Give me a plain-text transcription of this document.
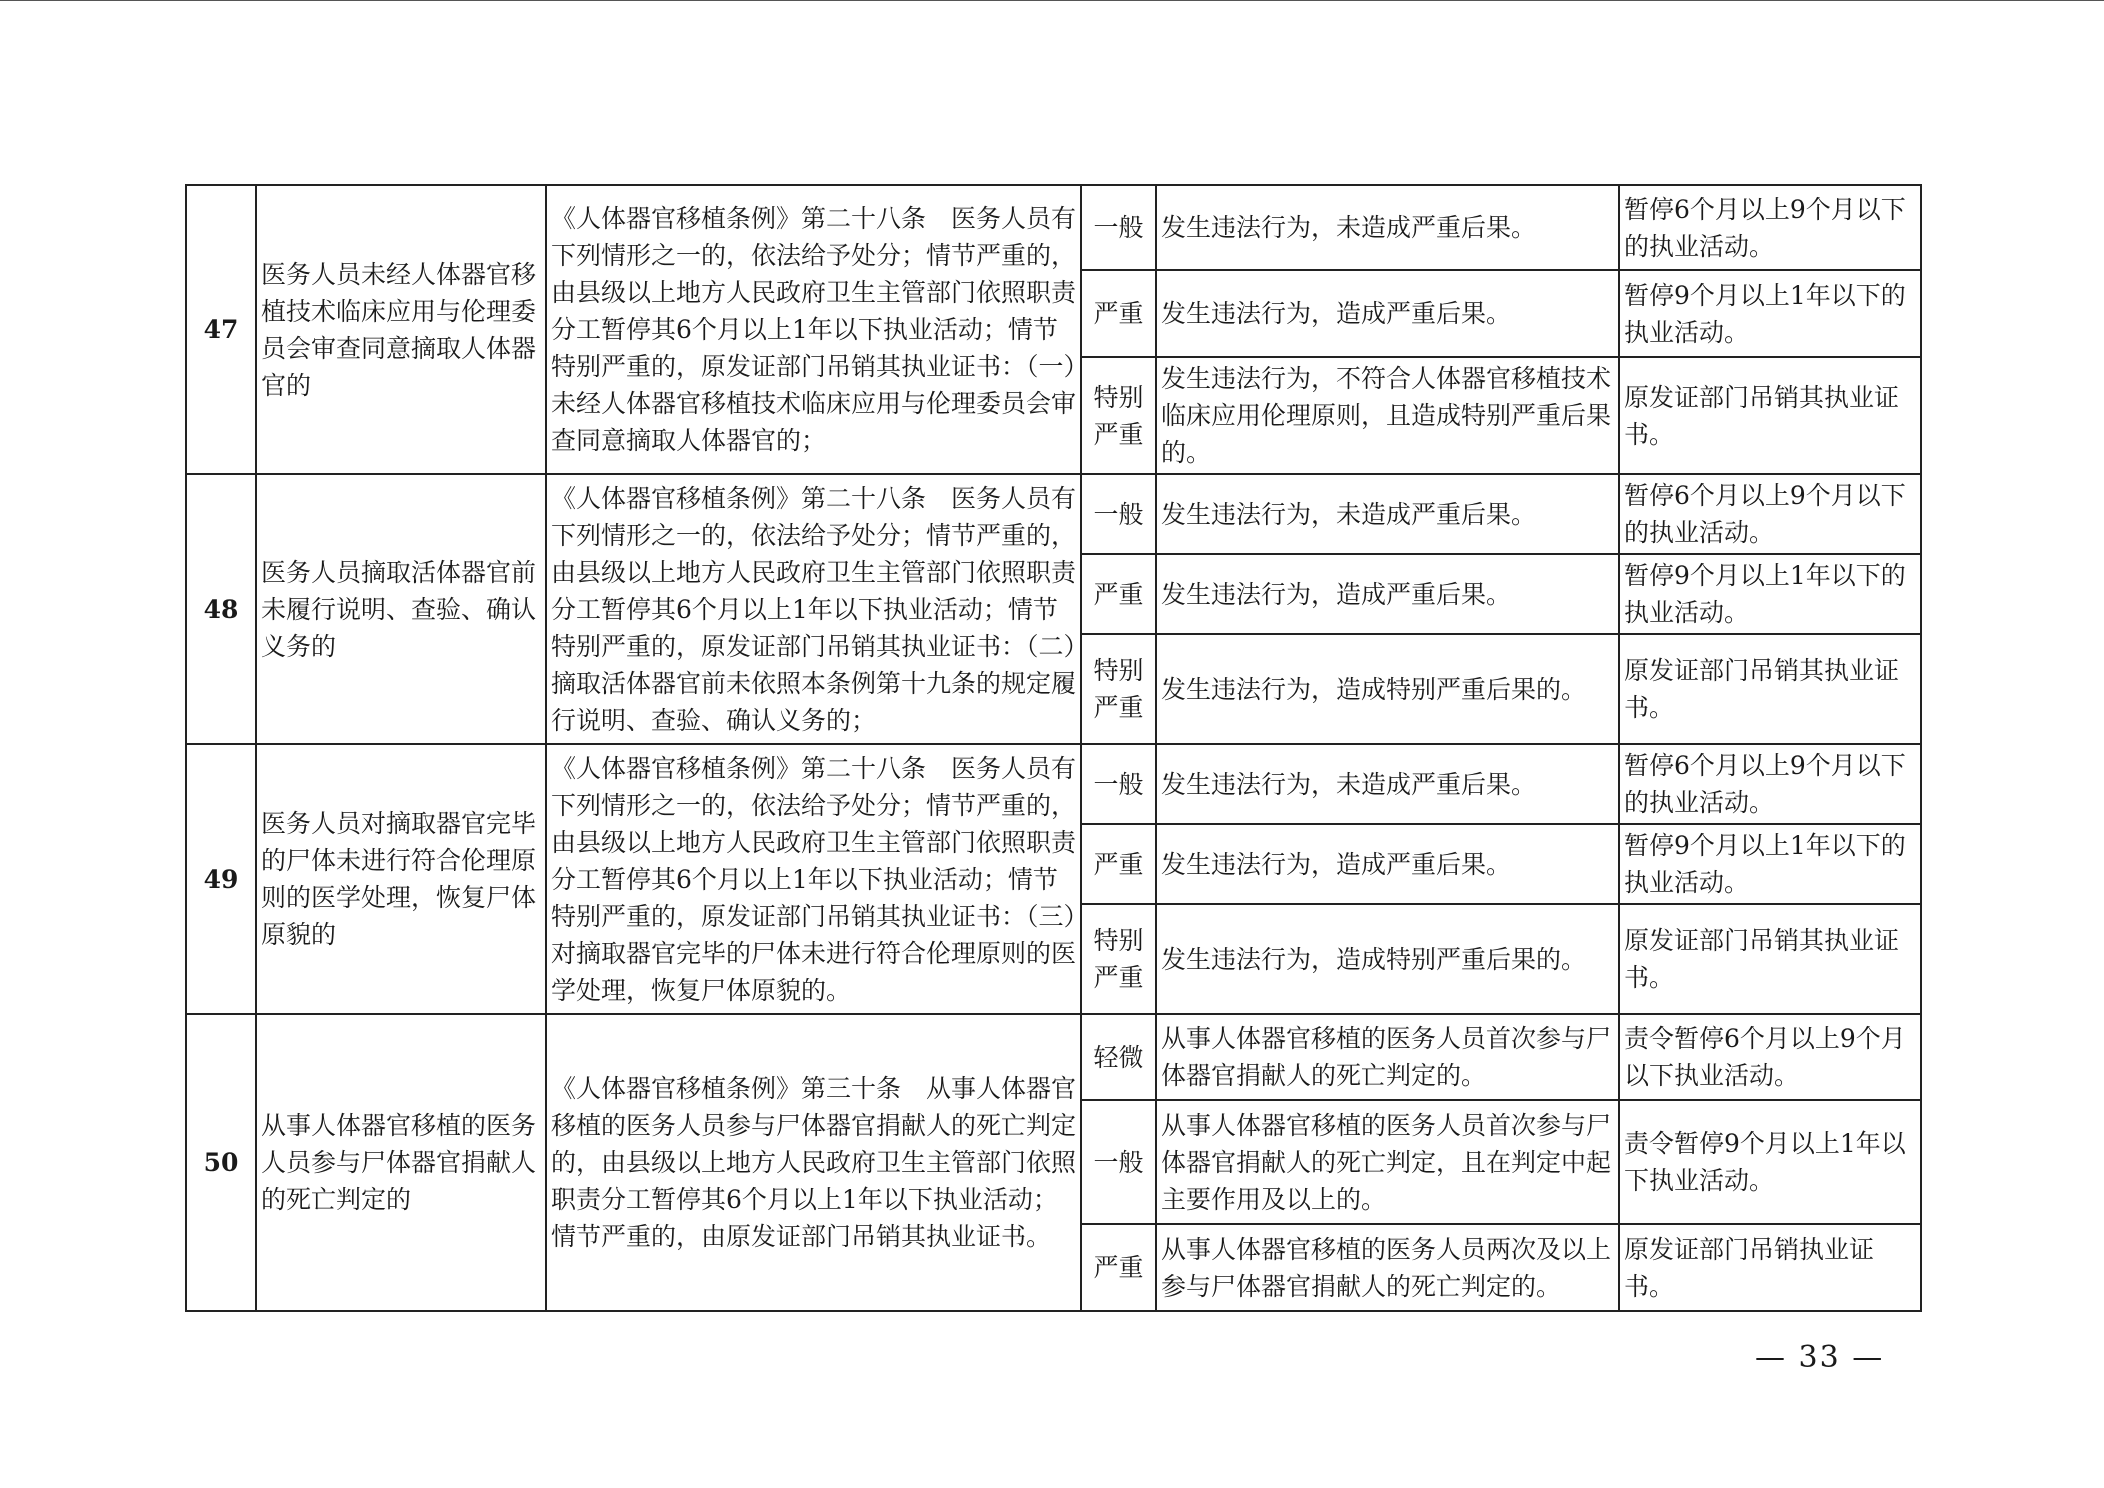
47	医务人员未经人体器官移植技术临床应用与伦理委员会审查同意摘取人体器官的	《人体器官移植条例》第二十八条　医务人员有下列情形之一的，依法给予处分；情节严重的，由县级以上地方人民政府卫生主管部门依照职责分工暂停其6个月以上1年以下执业活动；情节特别严重的，原发证部门吊销其执业证书：（一）未经人体器官移植技术临床应用与伦理委员会审查同意摘取人体器官的；	一般	发生违法行为，未造成严重后果。	暂停6个月以上9个月以下的执业活动。
			严重	发生违法行为，造成严重后果。	暂停9个月以上1年以下的执业活动。
			特别严重	发生违法行为，不符合人体器官移植技术临床应用伦理原则，且造成特别严重后果的。	原发证部门吊销其执业证书。
48	医务人员摘取活体器官前未履行说明、查验、确认义务的	《人体器官移植条例》第二十八条　医务人员有下列情形之一的，依法给予处分；情节严重的，由县级以上地方人民政府卫生主管部门依照职责分工暂停其6个月以上1年以下执业活动；情节特别严重的，原发证部门吊销其执业证书：（二）摘取活体器官前未依照本条例第十九条的规定履行说明、查验、确认义务的；	一般	发生违法行为，未造成严重后果。	暂停6个月以上9个月以下的执业活动。
			严重	发生违法行为，造成严重后果。	暂停9个月以上1年以下的执业活动。
			特别严重	发生违法行为，造成特别严重后果的。	原发证部门吊销其执业证书。
49	医务人员对摘取器官完毕的尸体未进行符合伦理原则的医学处理，恢复尸体原貌的	《人体器官移植条例》第二十八条　医务人员有下列情形之一的，依法给予处分；情节严重的，由县级以上地方人民政府卫生主管部门依照职责分工暂停其6个月以上1年以下执业活动；情节特别严重的，原发证部门吊销其执业证书：（三）对摘取器官完毕的尸体未进行符合伦理原则的医学处理，恢复尸体原貌的。	一般	发生违法行为，未造成严重后果。	暂停6个月以上9个月以下的执业活动。
			严重	发生违法行为，造成严重后果。	暂停9个月以上1年以下的执业活动。
			特别严重	发生违法行为，造成特别严重后果的。	原发证部门吊销其执业证书。
50	从事人体器官移植的医务人员参与尸体器官捐献人的死亡判定的	《人体器官移植条例》第三十条　从事人体器官移植的医务人员参与尸体器官捐献人的死亡判定的，由县级以上地方人民政府卫生主管部门依照职责分工暂停其6个月以上1年以下执业活动；情节严重的，由原发证部门吊销其执业证书。	轻微	从事人体器官移植的医务人员首次参与尸体器官捐献人的死亡判定的。	责令暂停6个月以上9个月以下执业活动。
			一般	从事人体器官移植的医务人员首次参与尸体器官捐献人的死亡判定，且在判定中起主要作用及以上的。	责令暂停9个月以上1年以下执业活动。
			严重	从事人体器官移植的医务人员两次及以上参与尸体器官捐献人的死亡判定的。	原发证部门吊销执业证书。
— 33 —
